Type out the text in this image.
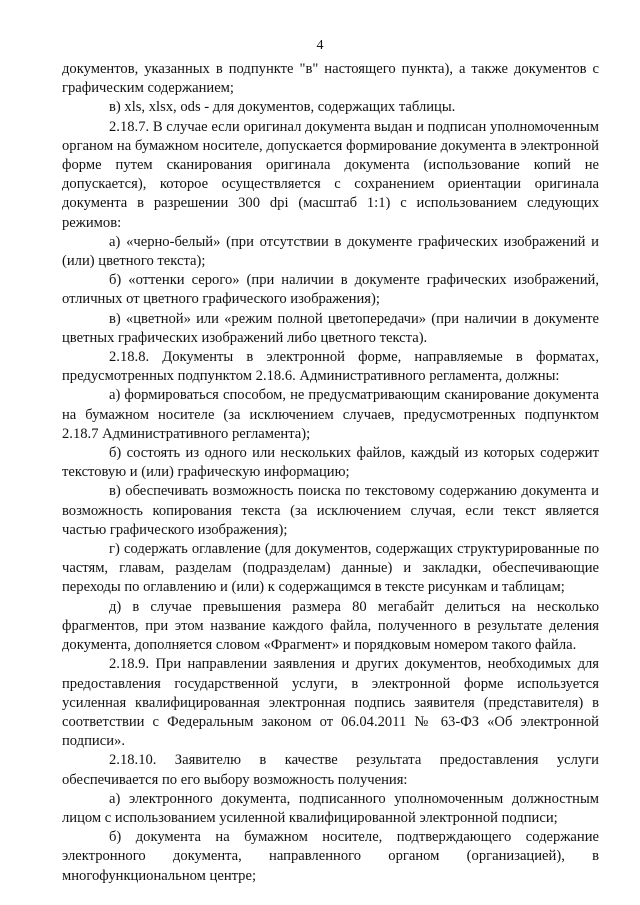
4

документов, указанных в подпункте "в" настоящего пункта), а также документов с графическим содержанием;

в) xls, xlsx, ods - для документов, содержащих таблицы.

2.18.7. В случае если оригинал документа выдан и подписан уполномоченным органом на бумажном носителе, допускается формирование документа в электронной форме путем сканирования оригинала документа (использование копий не допускается), которое осуществляется с сохранением ориентации оригинала документа в разрешении 300 dpi (масштаб 1:1) с использованием следующих режимов:

а) «черно-белый» (при отсутствии в документе графических изображений и (или) цветного текста);

б) «оттенки серого» (при наличии в документе графических изображений, отличных от цветного графического изображения);

в) «цветной» или «режим полной цветопередачи» (при наличии в документе цветных графических изображений либо цветного текста).

2.18.8. Документы в электронной форме, направляемые в форматах, предусмотренных подпунктом 2.18.6. Административного регламента, должны:

а) формироваться способом, не предусматривающим сканирование документа на бумажном носителе (за исключением случаев, предусмотренных подпунктом 2.18.7 Административного регламента);

б) состоять из одного или нескольких файлов, каждый из которых содержит текстовую и (или) графическую информацию;

в) обеспечивать возможность поиска по текстовому содержанию документа и возможность копирования текста (за исключением случая, если текст является частью графического изображения);

г) содержать оглавление (для документов, содержащих структурированные по частям, главам, разделам (подразделам) данные) и закладки, обеспечивающие переходы по оглавлению и (или) к содержащимся в тексте рисункам и таблицам;

д) в случае превышения размера 80 мегабайт делиться на несколько фрагментов, при этом название каждого файла, полученного в результате деления документа, дополняется словом «Фрагмент» и порядковым номером такого файла.

2.18.9. При направлении заявления и других документов, необходимых для предоставления государственной услуги, в электронной форме используется усиленная квалифицированная электронная подпись заявителя (представителя) в соответствии с Федеральным законом от 06.04.2011 № 63-ФЗ «Об электронной подписи».

2.18.10. Заявителю в качестве результата предоставления услуги обеспечивается по его выбору возможность получения:

а) электронного документа, подписанного уполномоченным должностным лицом с использованием усиленной квалифицированной электронной подписи;

б) документа на бумажном носителе, подтверждающего содержание электронного документа, направленного органом (организацией), в многофункциональном центре;
